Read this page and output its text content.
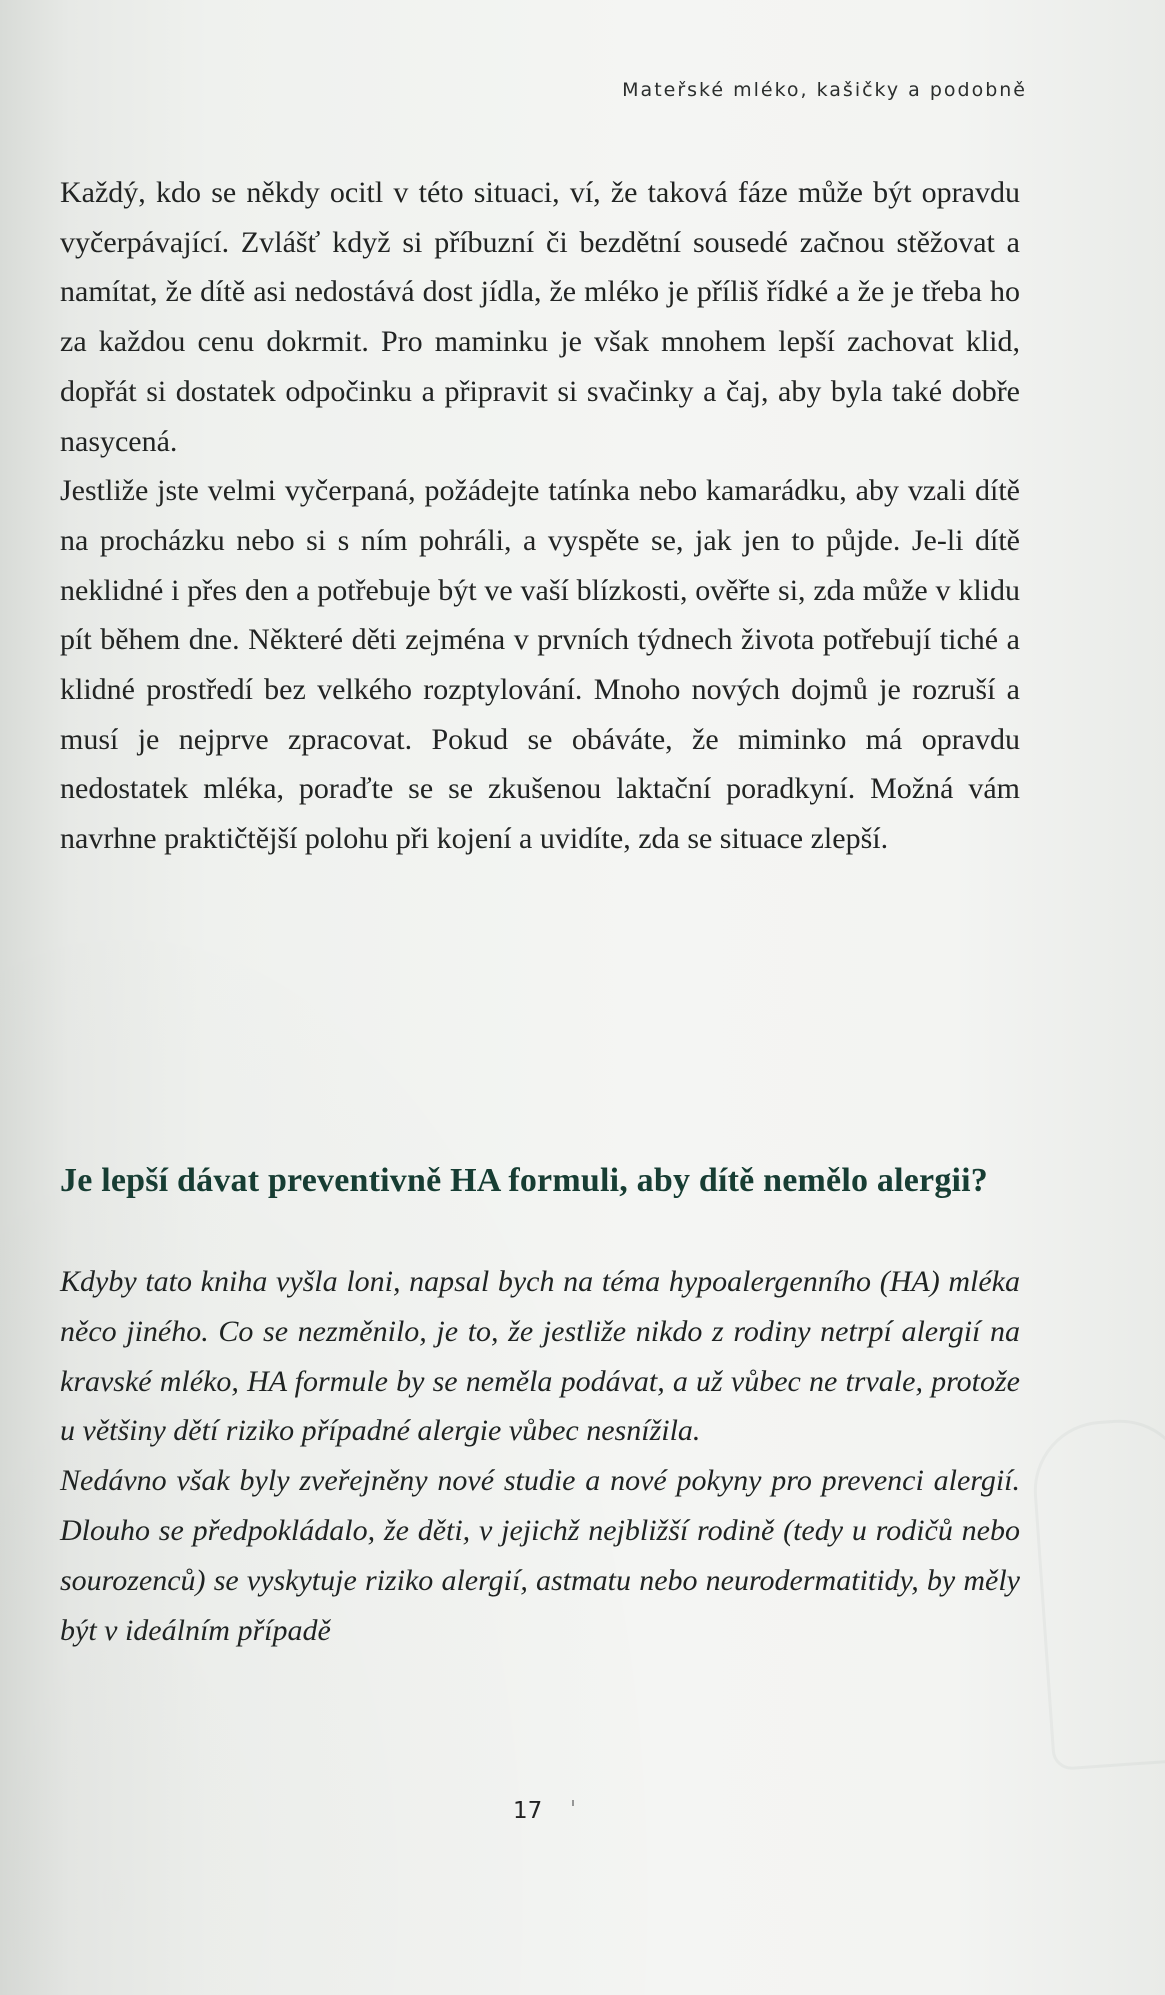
Mateřské mléko, kašičky a podobně

Každý, kdo se někdy ocitl v této situaci, ví, že taková fáze může být opravdu vyčerpávající. Zvlášť když si příbuzní či bezdětní sousedé začnou stěžovat a namítat, že dítě asi nedostává dost jídla, že mléko je příliš řídké a že je třeba ho za každou cenu dokrmit. Pro maminku je však mnohem lepší zachovat klid, dopřát si dostatek odpočinku a připravit si svačinky a čaj, aby byla také dobře nasycená.

Jestliže jste velmi vyčerpaná, požádejte tatínka nebo kamarádku, aby vzali dítě na procházku nebo si s ním pohráli, a vyspěte se, jak jen to půjde. Je-li dítě neklidné i přes den a potřebuje být ve vaší blízkosti, ověřte si, zda může v klidu pít během dne. Některé děti zejména v prvních týdnech života potřebují tiché a klidné prostředí bez velkého rozptylování. Mnoho nových dojmů je rozruší a musí je nejprve zpracovat. Pokud se obáváte, že miminko má opravdu nedostatek mléka, poraďte se se zkušenou laktační poradkyní. Možná vám navrhne praktičtější polohu při kojení a uvidíte, zda se situace zlepší.

Je lepší dávat preventivně HA formuli, aby dítě nemělo alergii?

Kdyby tato kniha vyšla loni, napsal bych na téma hypoalergenního (HA) mléka něco jiného. Co se nezměnilo, je to, že jestliže nikdo z rodiny netrpí alergií na kravské mléko, HA formule by se neměla podávat, a už vůbec ne trvale, protože u většiny dětí riziko případné alergie vůbec nesnížila.

Nedávno však byly zveřejněny nové studie a nové pokyny pro prevenci alergií. Dlouho se předpokládalo, že děti, v jejichž nejbližší rodině (tedy u rodičů nebo sourozenců) se vyskytuje riziko alergií, astmatu nebo neurodermatitidy, by měly být v ideálním případě

17
